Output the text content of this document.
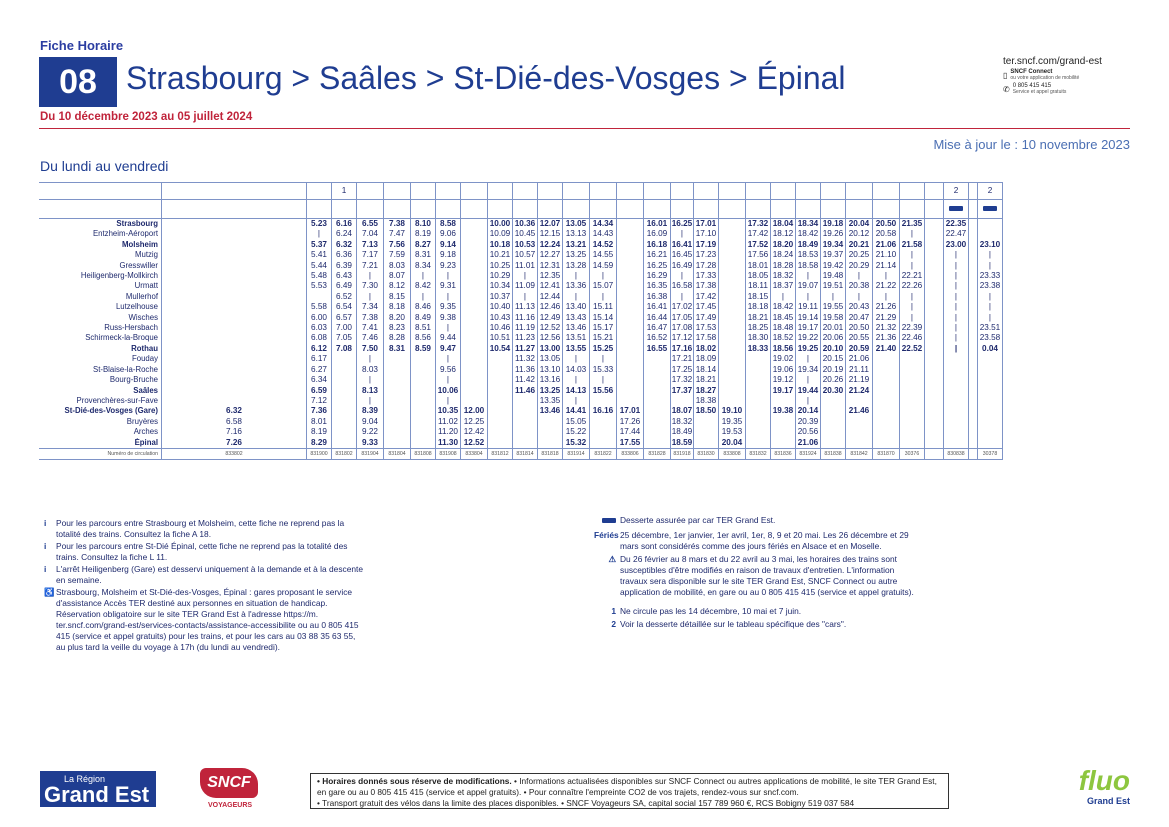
Fiche Horaire
08 Strasbourg > Saâles > St-Dié-des-Vosges > Épinal
Du 10 décembre 2023 au 05 juillet 2024
ter.sncf.com/grand-est
▯ SNCF Connect
ou votre application de mobilité
✆ 0 805 415 415
Service et appel gratuits
Mise à jour le : 10 novembre 2023
Du lundi au vendredi
			1																								2		2

Strasbourg		5.23	6.16	6.55	7.38	8.10	8.58		10.00	10.36	12.07	13.05	14.34		16.01	16.25	17.01		17.32	18.04	18.34	19.18	20.04	20.50	21.35		22.35		
Entzheim-Aéroport		|	6.24	7.04	7.47	8.19	9.06		10.09	10.45	12.15	13.13	14.43		16.09	|	17.10		17.42	18.12	18.42	19.26	20.12	20.58	|		22.47		
Molsheim		5.37	6.32	7.13	7.56	8.27	9.14		10.18	10.53	12.24	13.21	14.52		16.18	16.41	17.19		17.52	18.20	18.49	19.34	20.21	21.06	21.58		23.00		23.10
Mutzig		5.41	6.36	7.17	7.59	8.31	9.18		10.21	10.57	12.27	13.25	14.55		16.21	16.45	17.23		17.56	18.24	18.53	19.37	20.25	21.10	|		|		|
Gresswiller		5.44	6.39	7.21	8.03	8.34	9.23		10.25	11.01	12.31	13.28	14.59		16.25	16.49	17.28		18.01	18.28	18.58	19.42	20.29	21.14	|		|		|
Heiligenberg-Mollkirch		5.48	6.43	|	8.07	|	|		10.29	|	12.35	|	|		16.29	|	17.33		18.05	18.32	|	19.48	|	|	22.21		|		23.33
Urmatt		5.53	6.49	7.30	8.12	8.42	9.31		10.34	11.09	12.41	13.36	15.07		16.35	16.58	17.38		18.11	18.37	19.07	19.51	20.38	21.22	22.26		|		23.38
Mullerhof			6.52	|	8.15	|	|		10.37	|	12.44	|	|		16.38	|	17.42		18.15	|	|	|	|	|	|		|		|
Lutzelhouse		5.58	6.54	7.34	8.18	8.46	9.35		10.40	11.13	12.46	13.40	15.11		16.41	17.02	17.45		18.18	18.42	19.11	19.55	20.43	21.26	|		|		|
Wisches		6.00	6.57	7.38	8.20	8.49	9.38		10.43	11.16	12.49	13.43	15.14		16.44	17.05	17.49		18.21	18.45	19.14	19.58	20.47	21.29	|		|		|
Russ-Hersbach		6.03	7.00	7.41	8.23	8.51	|		10.46	11.19	12.52	13.46	15.17		16.47	17.08	17.53		18.25	18.48	19.17	20.01	20.50	21.32	22.39		|		23.51
Schirmeck-la-Broque		6.08	7.05	7.46	8.28	8.56	9.44		10.51	11.23	12.56	13.51	15.21		16.52	17.12	17.58		18.30	18.52	19.22	20.06	20.55	21.36	22.46		|		23.58
Rothau		6.12	7.08	7.50	8.31	8.59	9.47		10.54	11.27	13.00	13.55	15.25		16.55	17.16	18.02		18.33	18.56	19.25	20.10	20.59	21.40	22.52		|		0.04
Fouday		6.17		|			|			11.32	13.05	|	|			17.21	18.09			19.02	|	20.15	21.06						
St-Blaise-la-Roche		6.27		8.03			9.56			11.36	13.10	14.03	15.33			17.25	18.14			19.06	19.34	20.19	21.11						
Bourg-Bruche		6.34		|			|			11.42	13.16	|	|			17.32	18.21			19.12	|	20.26	21.19						
Saâles		6.59		8.13			10.06			11.46	13.25	14.13	15.56			17.37	18.27			19.17	19.44	20.30	21.24						
Provenchères-sur-Fave		7.12		|			|				13.35	|					18.38				|								
St-Dié-des-Vosges (Gare)	6.32	7.36		8.39			10.35	12.00			13.46	14.41	16.16	17.01		18.07	18.50	19.10		19.38	20.14		21.46						
Bruyères	6.58	8.01		9.04			11.02	12.25				15.05		17.26		18.32		19.35			20.39								
Arches	7.16	8.19		9.22			11.20	12.42				15.22		17.44		18.49		19.53			20.56								
Épinal	7.26	8.29		9.33			11.30	12.52				15.32		17.55		18.59		20.04			21.06								
Numéro de circulation	833802	831900	831802	831904	831804	831808	831908	833804	831812	831814	831818	831914	831822	833806	831828	831918	831830	833808	831832	831836	831924	831838	831842	831870	30376		830838		30378
i	Pour les parcours entre Strasbourg et Molsheim, cette fiche ne reprend pas la totalité des trains. Consultez la fiche A 18.
i	Pour les parcours entre St-Dié Épinal, cette fiche ne reprend pas la totalité des trains. Consultez la fiche L 11.
i	L'arrêt Heiligenberg (Gare) est desservi uniquement à la demande et à la descente en semaine.
♿ Strasbourg, Molsheim et St-Dié-des-Vosges, Épinal : gares proposant le service d'assistance Accès TER destiné aux personnes en situation de handicap. Réservation obligatoire sur le site TER Grand Est à l'adresse https://m. ter.sncf.com/grand-est/services-contacts/assistance-accessibilite ou au 0 805 415 415 (service et appel gratuits) pour les trains, et pour les cars au 03 88 35 63 55, au plus tard la veille du voyage à 17h (du lundi au vendredi).
Desserte assurée par car TER Grand Est.
Fériés 25 décembre, 1er janvier, 1er avril, 1er, 8, 9 et 20 mai. Les 26 décembre et 29 mars sont considérés comme des jours fériés en Alsace et en Moselle.
⚠ Du 26 février au 8 mars et du 22 avril au 3 mai, les horaires des trains sont susceptibles d'être modifiés en raison de travaux d'entretien. L'information travaux sera disponible sur le site TER Grand Est, SNCF Connect ou autre application de mobilité, en gare ou au 0 805 415 415 (service et appel gratuits).
1 Ne circule pas les 14 décembre, 10 mai et 7 juin.
2 Voir la desserte détaillée sur le tableau spécifique des "cars".
La Région
Grand Est	SNCF
VOYAGEURS
fluo
Grand Est
• Horaires donnés sous réserve de modifications. • Informations actualisées disponibles sur SNCF Connect ou autres applications de mobilité, le site TER Grand Est, en gare ou au 0 805 415 415 (service et appel gratuits). • Pour connaître l'empreinte CO2 de vos trajets, rendez-vous sur sncf.com.
• Transport gratuit des vélos dans la limite des places disponibles. • SNCF Voyageurs SA, capital social 157 789 960 €, RCS Bobigny 519 037 584
